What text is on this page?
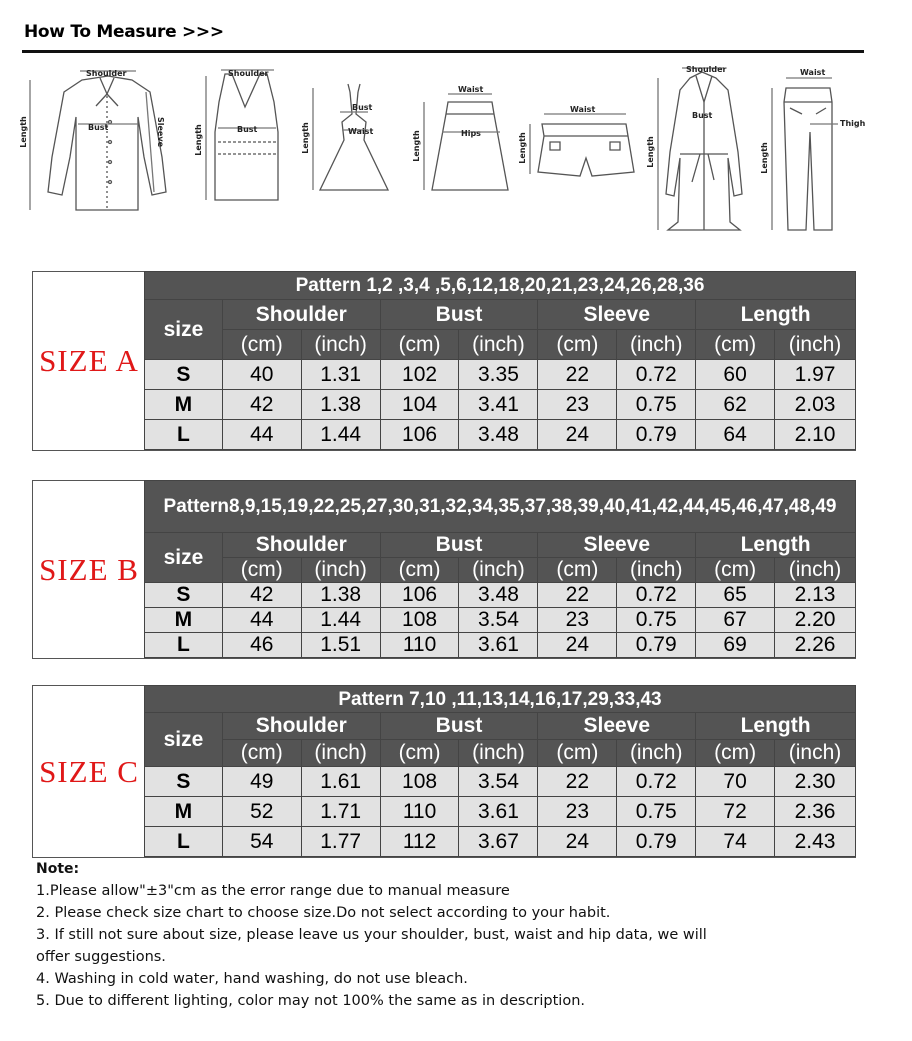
How To Measure >>>
Shoulder
Bust
Length	Sleeve
Shoulder
Bust
Length
Bust
Waist
Length
Waist
Hips
Length
Waist
Length
Shoulder
Bust
Length
Waist
Thigh
Length
SIZE A
Pattern 1,2 ,3,4 ,5,6,12,18,20,21,23,24,26,28,36								
size	Shoulder		Bust		Sleeve		Length	
	(cm)	(inch)	(cm)	(inch)	(cm)	(inch)	(cm)	(inch)
S	40	1.31	102	3.35	22	0.72	60	1.97
M	42	1.38	104	3.41	23	0.75	62	2.03
L	44	1.44	106	3.48	24	0.79	64	2.10
SIZE B
Pattern8,9,15,19,22,25,27,30,31,32,34,35,37,38,39,40,41,42,44,45,46,47,48,49								
size	Shoulder		Bust		Sleeve		Length	
	(cm)	(inch)	(cm)	(inch)	(cm)	(inch)	(cm)	(inch)
S	42	1.38	106	3.48	22	0.72	65	2.13
M	44	1.44	108	3.54	23	0.75	67	2.20
L	46	1.51	110	3.61	24	0.79	69	2.26
SIZE C
Pattern 7,10 ,11,13,14,16,17,29,33,43								
size	Shoulder		Bust		Sleeve		Length	
	(cm)	(inch)	(cm)	(inch)	(cm)	(inch)	(cm)	(inch)
S	49	1.61	108	3.54	22	0.72	70	2.30
M	52	1.71	110	3.61	23	0.75	72	2.36
L	54	1.77	112	3.67	24	0.79	74	2.43
Note:
1.Please allow"±3"cm as the error range due to manual measure
2. Please check size chart to choose size.Do not select according to your habit.
3. If still not sure about size, please leave us your shoulder, bust, waist and hip data, we will offer suggestions.
4. Washing in cold water, hand washing, do not use bleach.
5. Due to different lighting, color may not 100% the same as in description.
